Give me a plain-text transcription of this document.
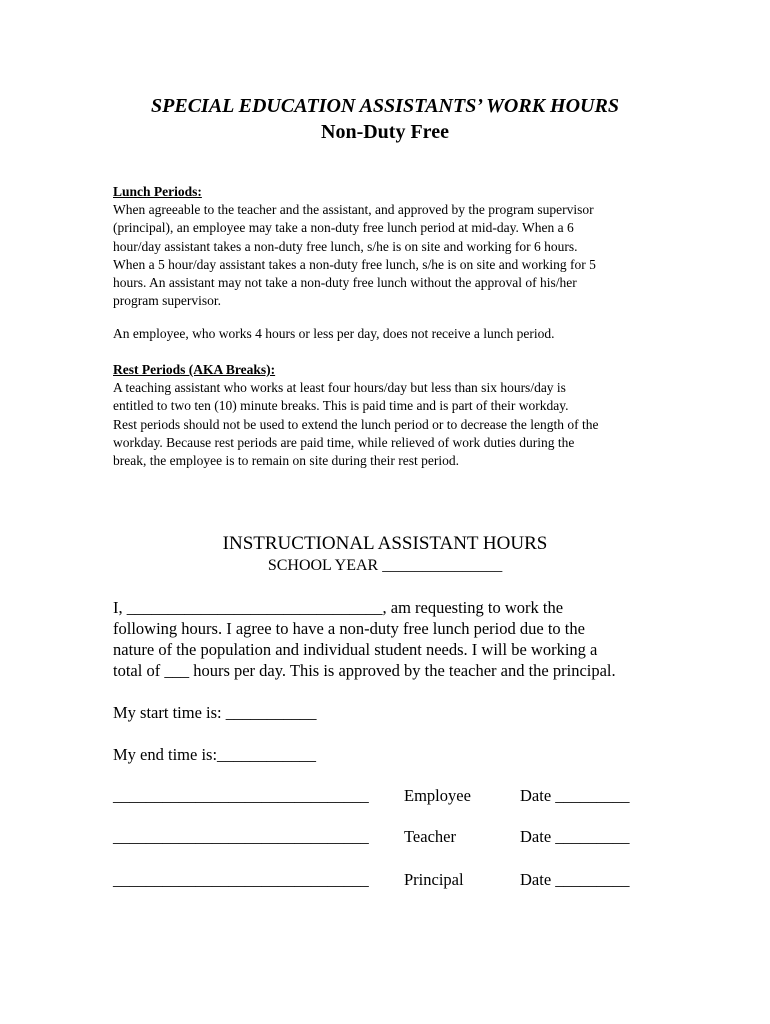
SPECIAL EDUCATION ASSISTANTS’ WORK HOURS
Non-Duty Free
Lunch Periods:
When agreeable to the teacher and the assistant, and approved by the program supervisor
(principal), an employee may take a non-duty free lunch period at mid-day. When a 6
hour/day assistant takes a non-duty free lunch, s/he is on site and working for 6 hours.
When a 5 hour/day assistant takes a non-duty free lunch, s/he is on site and working for 5
hours. An assistant may not take a non-duty free lunch without the approval of his/her
program supervisor.
An employee, who works 4 hours or less per day, does not receive a lunch period.
Rest Periods (AKA Breaks):
A teaching assistant who works at least four hours/day but less than six hours/day is
entitled to two ten (10) minute breaks. This is paid time and is part of their workday.
Rest periods should not be used to extend the lunch period or to decrease the length of the
workday. Because rest periods are paid time, while relieved of work duties during the
break, the employee is to remain on site during their rest period.
INSTRUCTIONAL ASSISTANT HOURS
SCHOOL YEAR _______________
I, _______________________________, am requesting to work the
following hours. I agree to have a non-duty free lunch period due to the
nature of the population and individual student needs. I will be working a
total of ___ hours per day. This is approved by the teacher and the principal.
My start time is: ___________
My end time is:____________
_______________________________ Employee	Date _________
_______________________________ Teacher	Date _________
_______________________________ Principal	Date _________
